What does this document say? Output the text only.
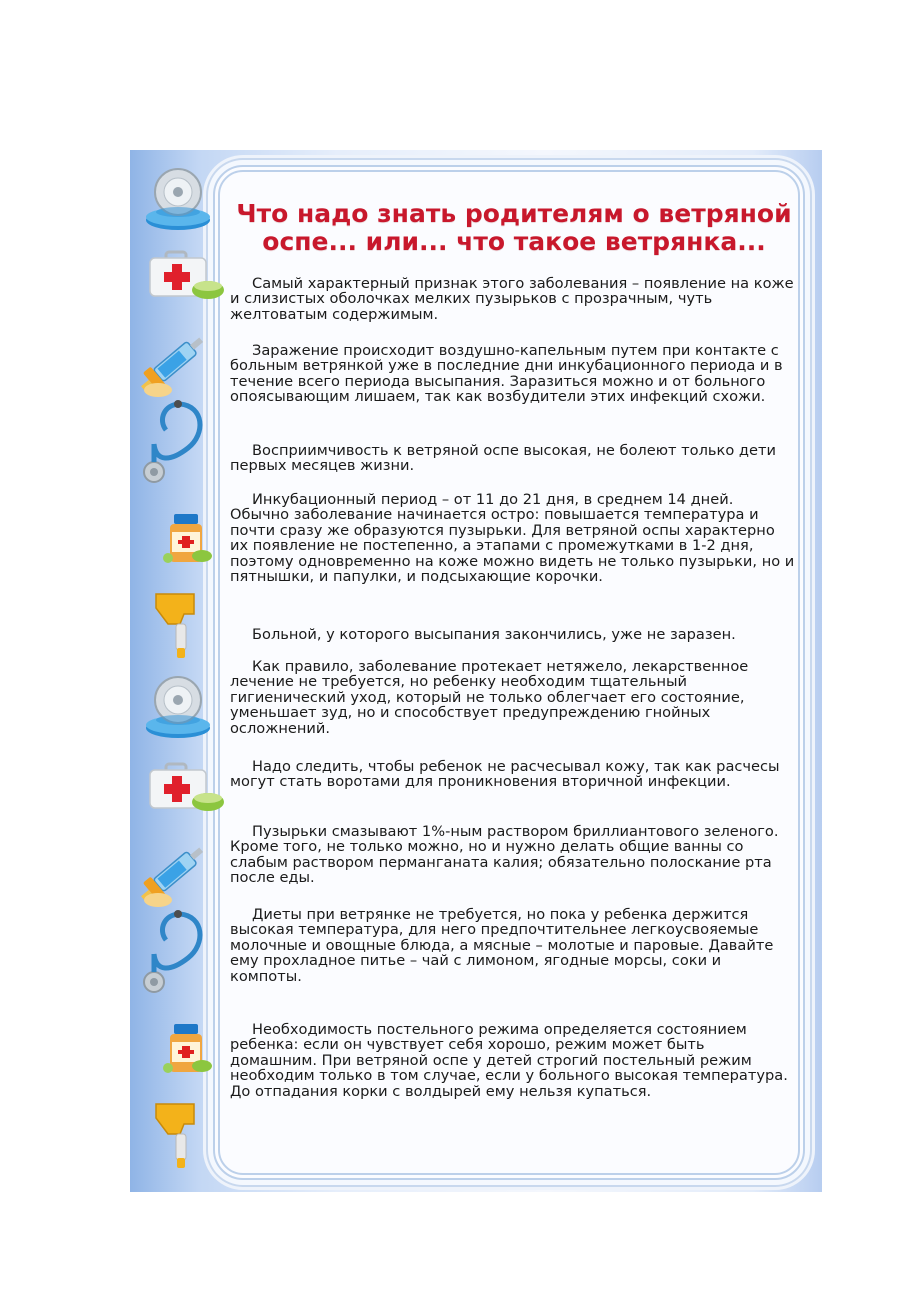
Что надо знать родителям о ветряной
оспе... или... что такое ветрянка...

Самый характерный признак этого заболевания – появление на коже и слизистых оболочках мелких пузырьков с прозрачным, чуть желтоватым содержимым.

Заражение происходит воздушно-капельным путем при контакте с больным ветрянкой уже в последние дни инкубационного периода и в течение всего периода высыпания. Заразиться можно и от больного опоясывающим лишаем, так как возбудители этих инфекций схожи.

Восприимчивость к ветряной оспе высокая, не болеют только дети первых месяцев жизни.

Инкубационный период – от 11 до 21 дня, в среднем 14 дней. Обычно заболевание начинается остро: повышается температура и почти сразу же образуются пузырьки. Для ветряной оспы характерно их появление не постепенно, а этапами с промежутками в 1-2 дня, поэтому одновременно на коже можно видеть не только пузырьки, но и пятнышки, и папулки, и подсыхающие корочки.

Больной, у которого высыпания закончились, уже не заразен.

Как правило, заболевание протекает нетяжело, лекарственное лечение не требуется, но ребенку необходим тщательный гигиенический уход, который не только облегчает его состояние, уменьшает зуд, но и способствует предупреждению гнойных осложнений.

Надо следить, чтобы ребенок не расчесывал кожу, так как расчесы могут стать воротами для проникновения вторичной инфекции.

Пузырьки смазывают 1%-ным раствором бриллиантового зеленого. Кроме того, не только можно, но и нужно делать общие ванны со слабым раствором перманганата калия; обязательно полоскание рта после еды.

Диеты при ветрянке не требуется, но пока у ребенка держится высокая температура, для него предпочтительнее легкоусвояемые молочные и овощные блюда, а мясные – молотые и паровые. Давайте ему прохладное питье – чай с лимоном, ягодные морсы, соки и компоты.

Необходимость постельного режима определяется состоянием ребенка: если он чувствует себя хорошо, режим может быть домашним. При ветряной оспе у детей строгий постельный режим необходим только в том случае, если у больного высокая температура. До отпадания корки с волдырей ему нельзя купаться.
